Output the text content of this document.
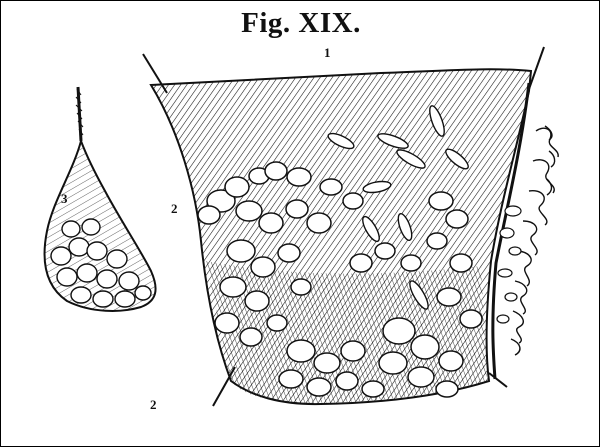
Fig. XIX.
1
2
3
2
